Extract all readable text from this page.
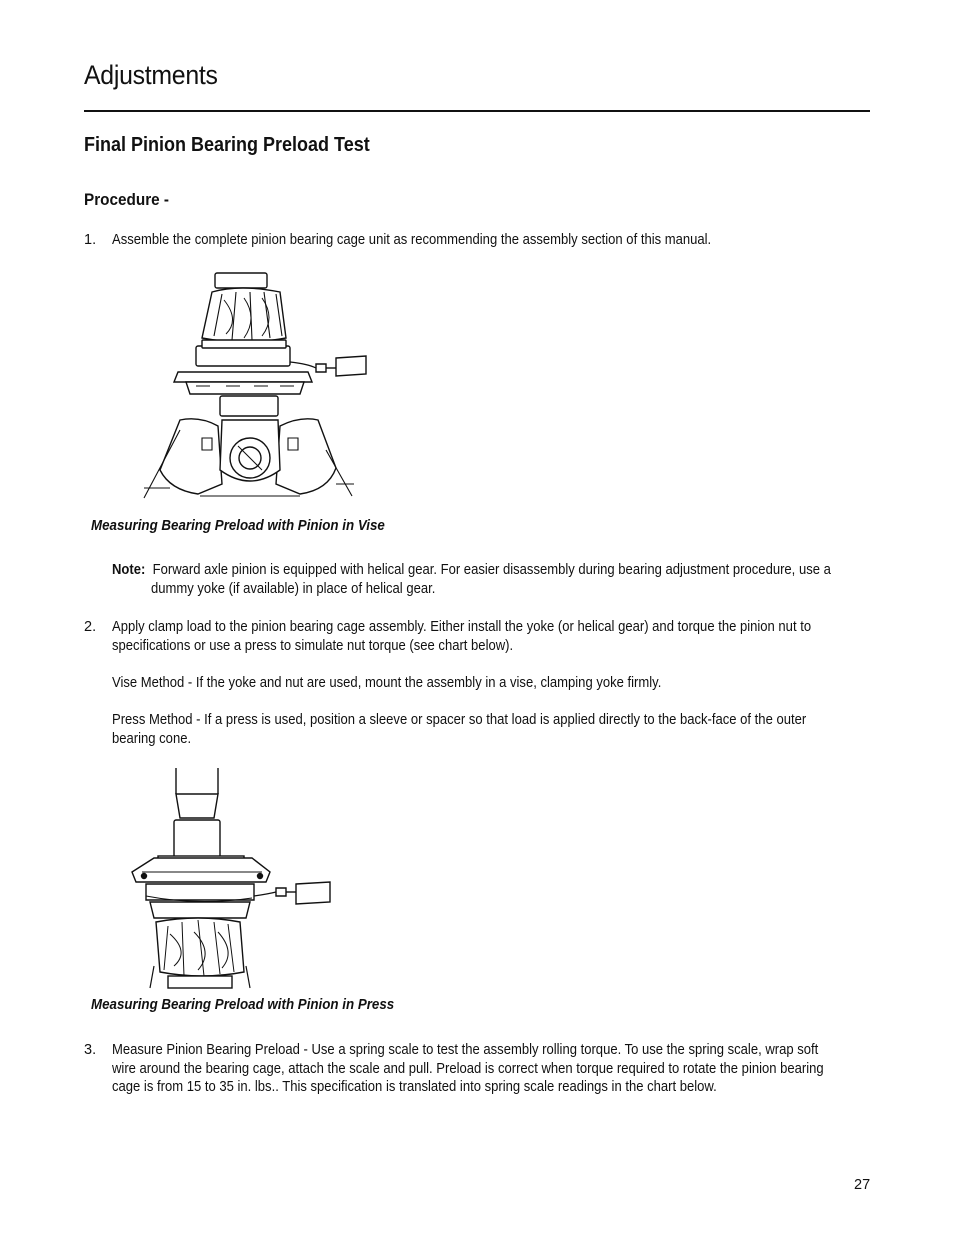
Adjustments
Final Pinion Bearing Preload Test
Procedure -
1. Assemble the complete pinion bearing cage unit as recommending the assembly section of this manual.
Measuring Bearing Preload with Pinion in Vise
Note: Forward axle pinion is equipped with helical gear. For easier disassembly during bearing adjustment procedure, use a
dummy yoke (if available) in place of helical gear.
2. Apply clamp load to the pinion bearing cage assembly. Either install the yoke (or helical gear) and torque the pinion nut to
specifications or use a press to simulate nut torque (see chart below).
Vise Method - If the yoke and nut are used, mount the assembly in a vise, clamping yoke firmly.
Press Method - If a press is used, position a sleeve or spacer so that load is applied directly to the back-face of the outer
bearing cone.
Measuring Bearing Preload with Pinion in Press
3. Measure Pinion Bearing Preload - Use a spring scale to test the assembly rolling torque. To use the spring scale, wrap soft
wire around the bearing cage, attach the scale and pull. Preload is correct when torque required to rotate the pinion bearing
cage is from 15 to 35 in. lbs.. This specification is translated into spring scale readings in the chart below.
27
